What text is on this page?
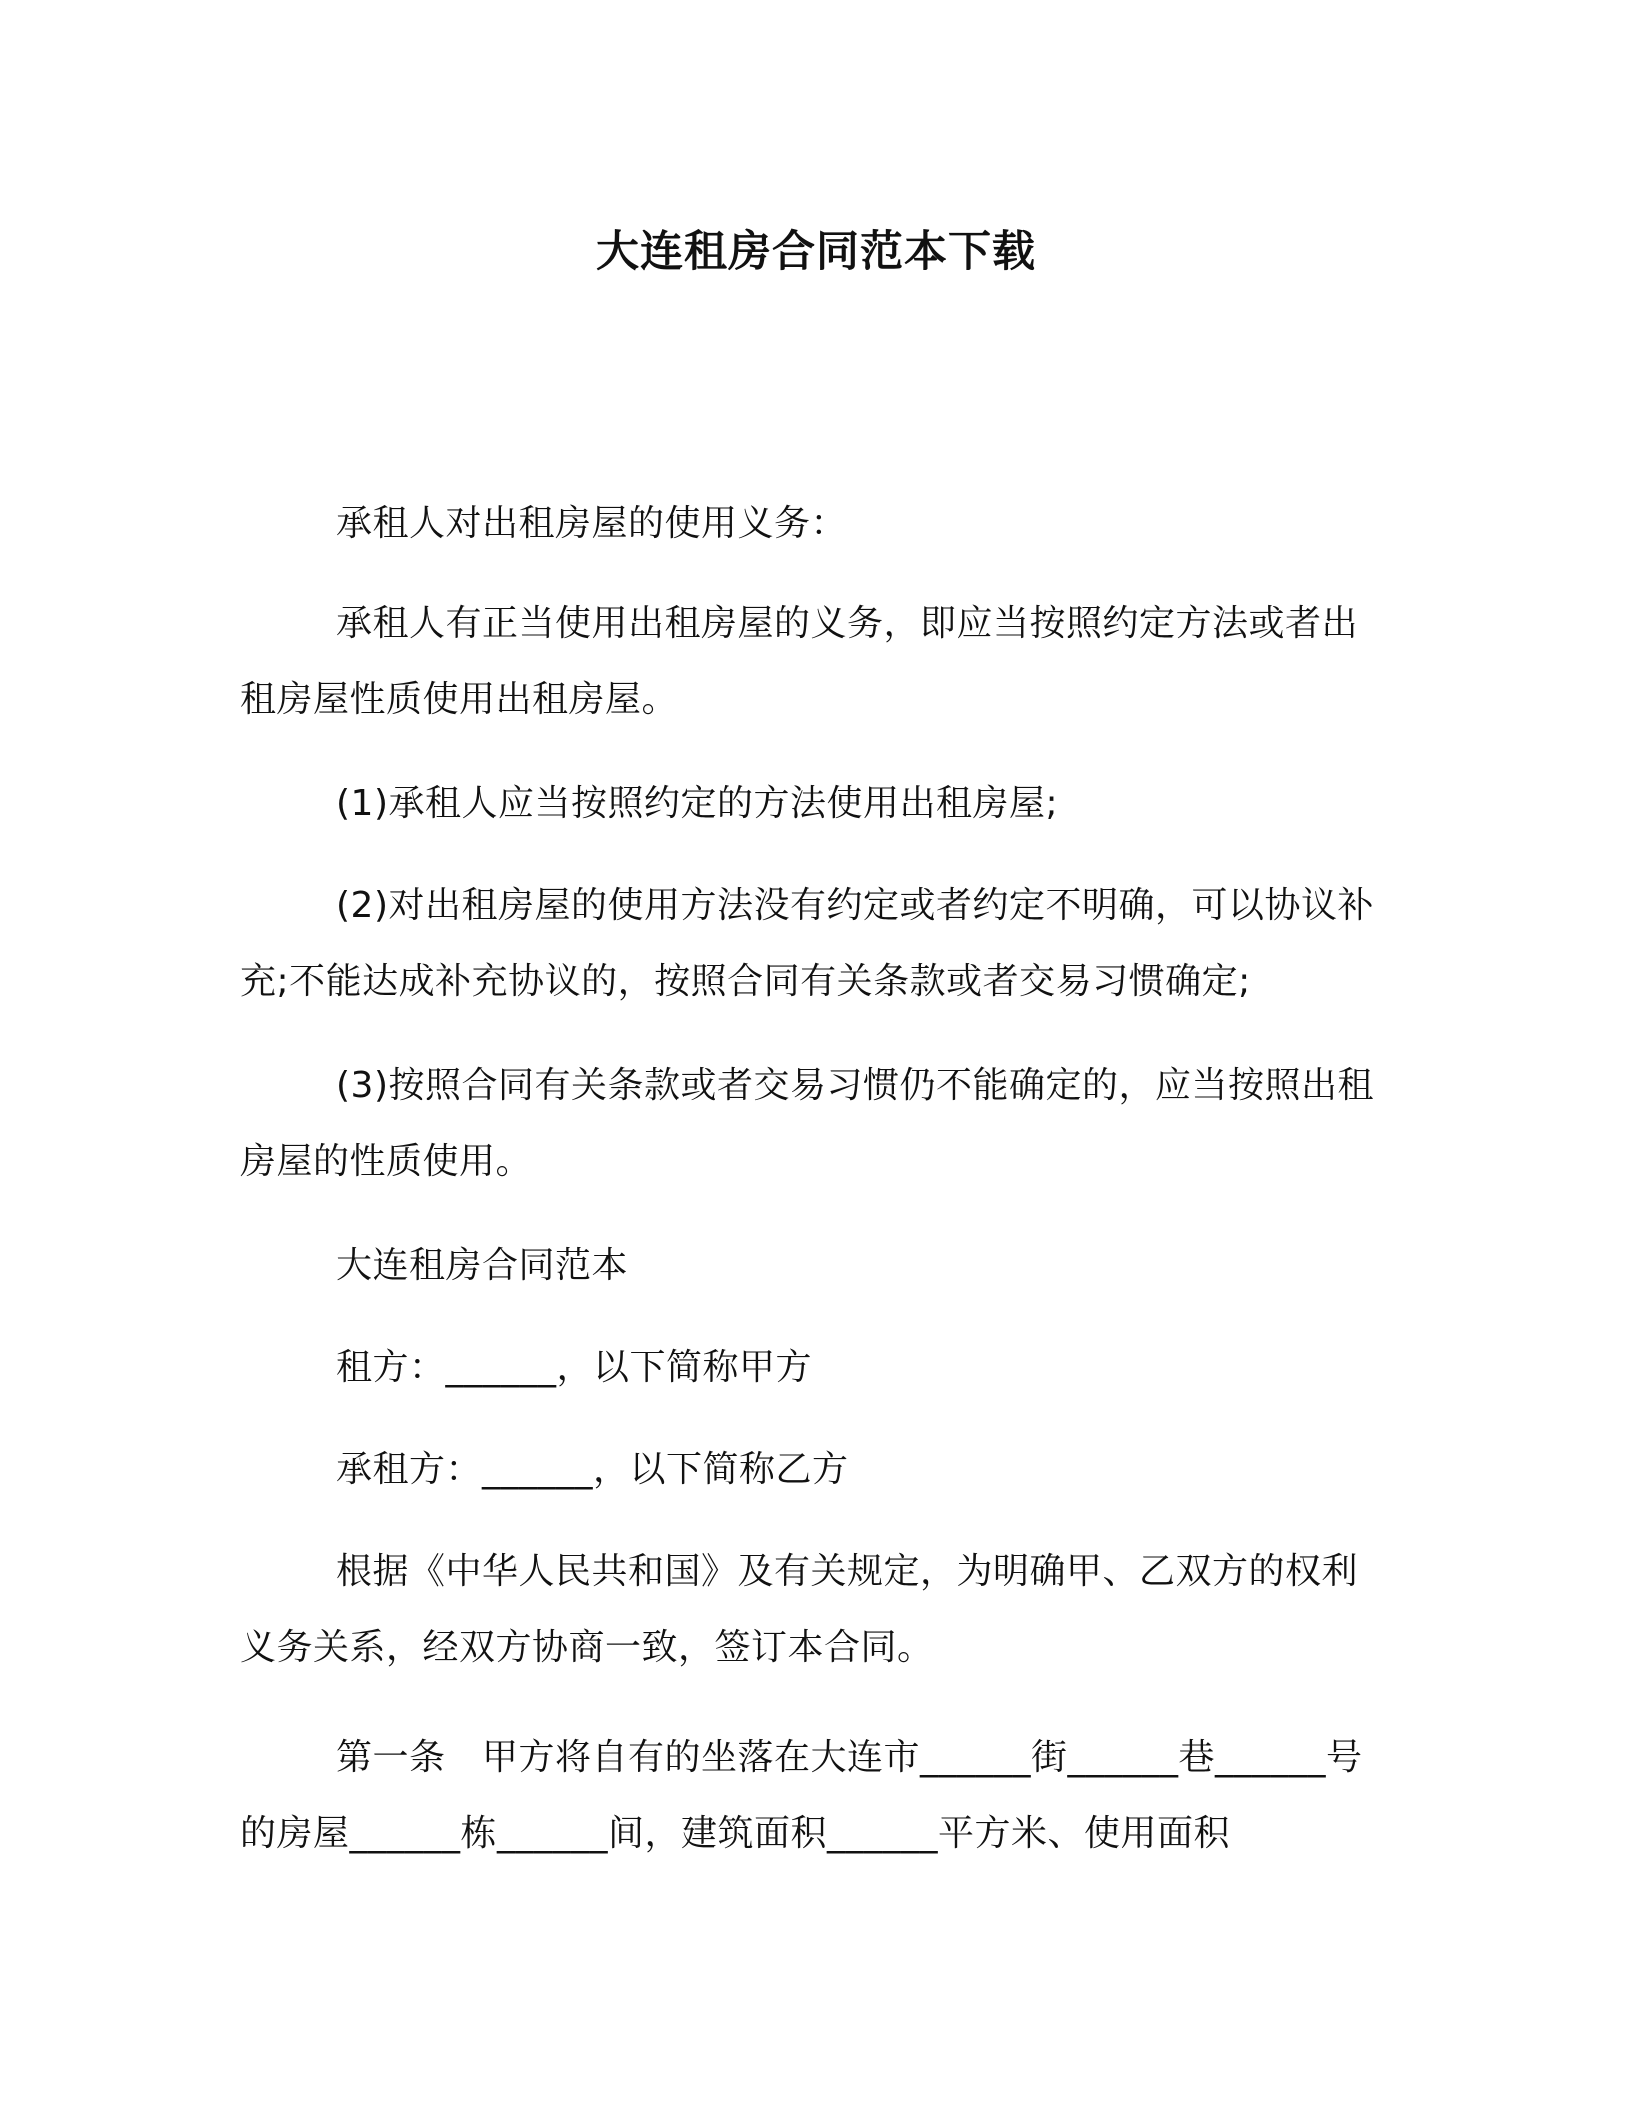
大连租房合同范本下载

承租人对出租房屋的使用义务：

承租人有正当使用出租房屋的义务，即应当按照约定方法或者出租房屋性质使用出租房屋。

(1)承租人应当按照约定的方法使用出租房屋;

(2)对出租房屋的使用方法没有约定或者约定不明确，可以协议补充;不能达成补充协议的，按照合同有关条款或者交易习惯确定;

(3)按照合同有关条款或者交易习惯仍不能确定的，应当按照出租房屋的性质使用。

大连租房合同范本

租方：______，以下简称甲方

承租方：______，以下简称乙方

根据《中华人民共和国》及有关规定，为明确甲、乙双方的权利义务关系，经双方协商一致，签订本合同。

第一条　甲方将自有的坐落在大连市______街______巷______号的房屋______栋______间，建筑面积______平方米、使用面积
